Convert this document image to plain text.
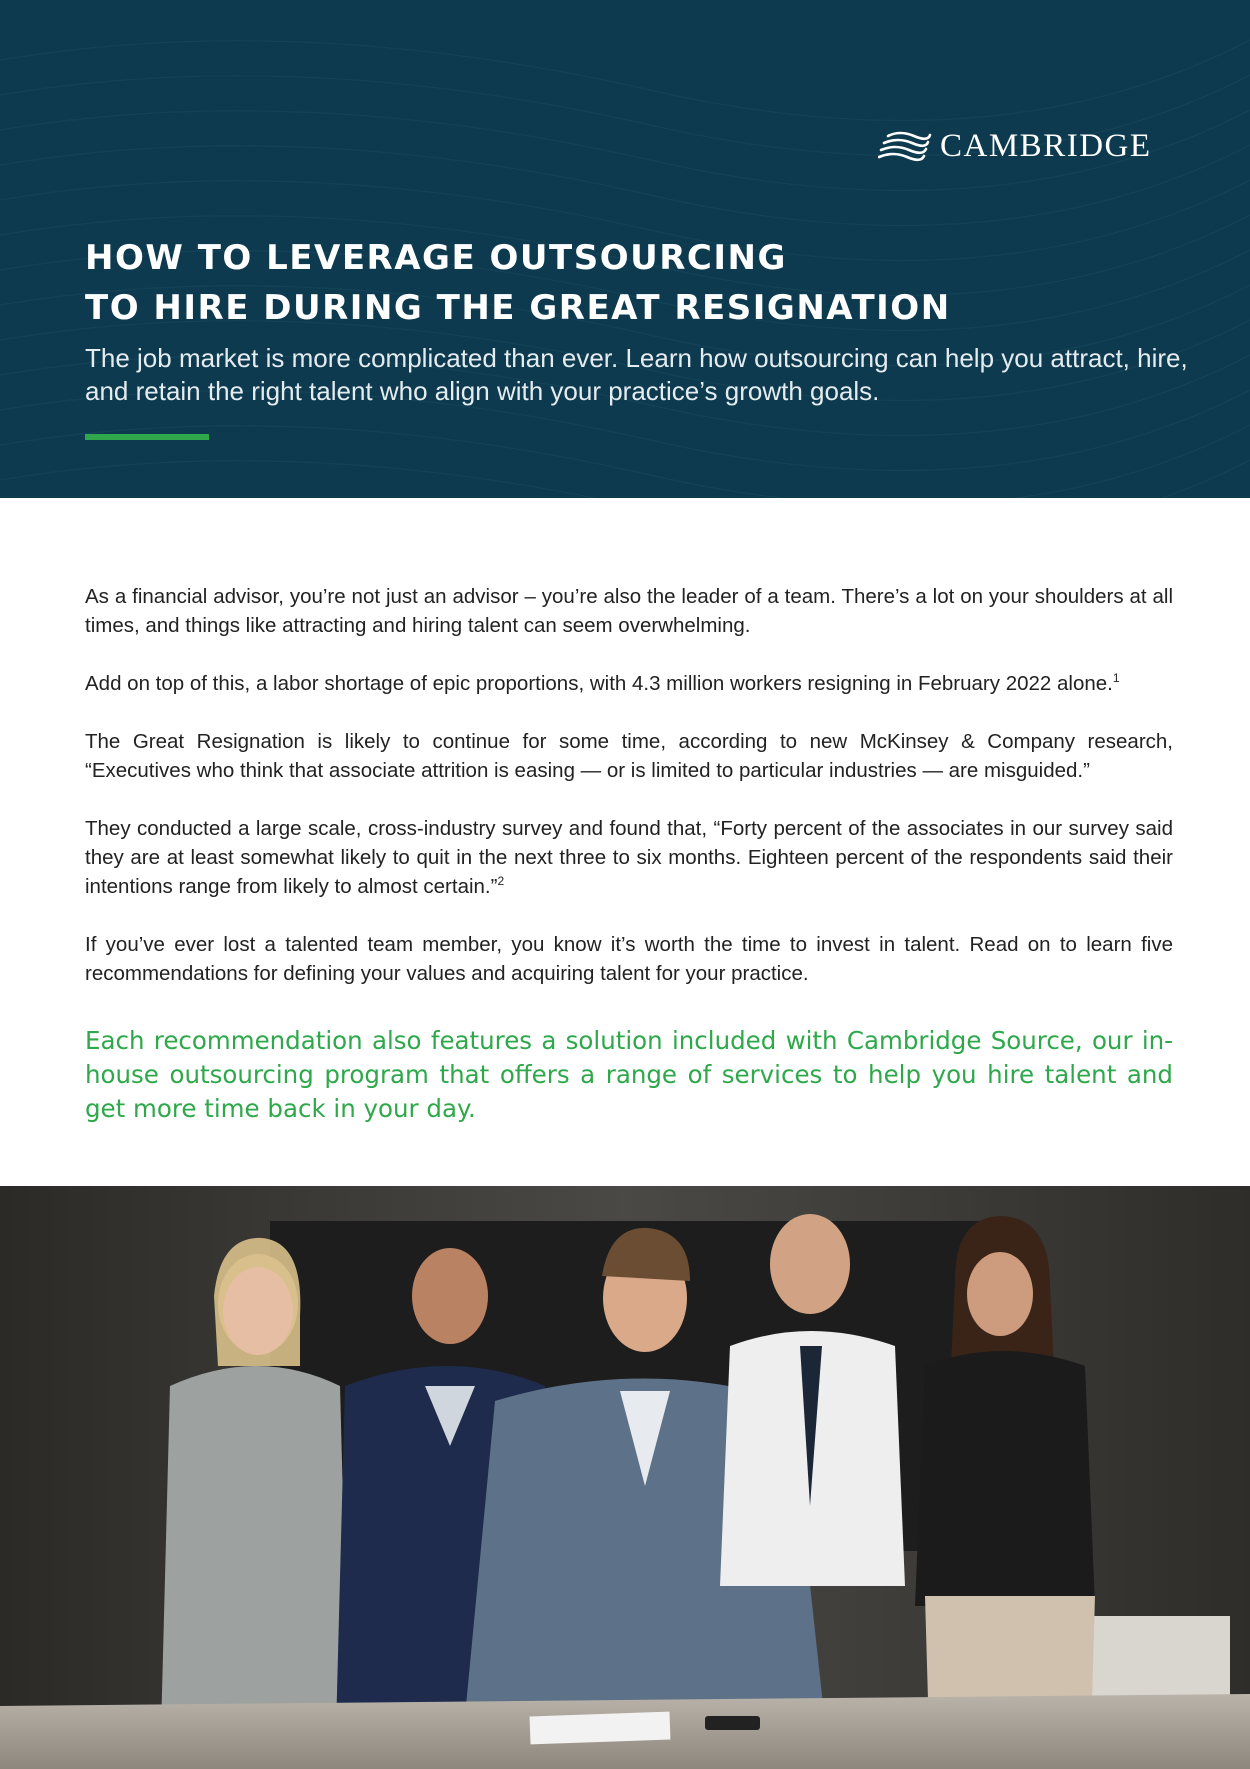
CAMBRIDGE
HOW TO LEVERAGE OUTSOURCING
TO HIRE DURING THE GREAT RESIGNATION

The job market is more complicated than ever. Learn how outsourcing can help you attract, hire, and retain the right talent who align with your practice’s growth goals.

As a financial advisor, you’re not just an advisor – you’re also the leader of a team. There’s a lot on your shoulders at all times, and things like attracting and hiring talent can seem overwhelming.

Add on top of this, a labor shortage of epic proportions, with 4.3 million workers resigning in February 2022 alone.$^1$

The Great Resignation is likely to continue for some time, according to new McKinsey & Company research, “Executives who think that associate attrition is easing — or is limited to particular industries — are misguided.”

They conducted a large scale, cross-industry survey and found that, “Forty percent of the associates in our survey said they are at least somewhat likely to quit in the next three to six months. Eighteen percent of the respondents said their intentions range from likely to almost certain.”$^2$

If you’ve ever lost a talented team member, you know it’s worth the time to invest in talent. Read on to learn five recommendations for defining your values and acquiring talent for your practice.

Each recommendation also features a solution included with Cambridge Source, our in-house outsourcing program that offers a range of services to help you hire talent and get more time back in your day.
